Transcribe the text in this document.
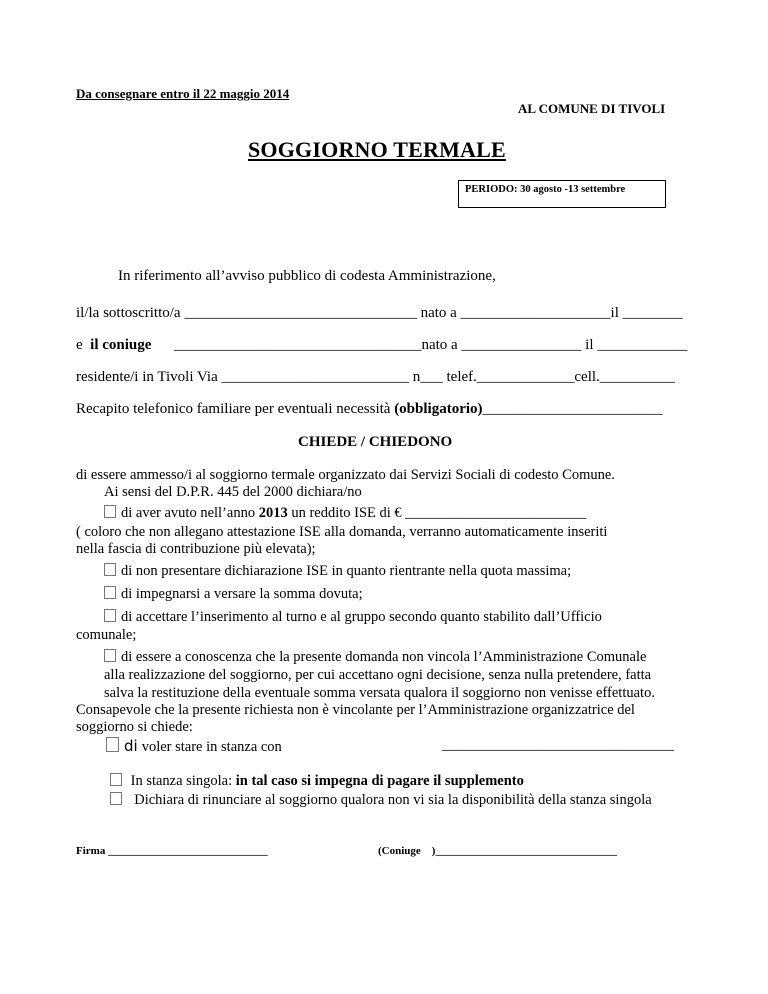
Da consegnare entro il 22 maggio 2014
AL COMUNE DI TIVOLI
SOGGIORNO TERMALE
PERIODO: 30 agosto -13 settembre
In riferimento all’avviso pubblico di codesta Amministrazione,
il/la sottoscritto/a _______________________________ nato a ____________________il ________
e il coniuge _________________________________nato a ________________ il ____________
residente/i in Tivoli Via _________________________ n___ telef._____________cell.__________
Recapito telefonico familiare per eventuali necessità (obbligatorio)________________________
CHIEDE / CHIEDONO
di essere ammesso/i al soggiorno termale organizzato dai Servizi Sociali di codesto Comune.
Ai sensi del D.P.R. 445 del 2000 dichiara/no
di aver avuto nell’anno 2013 un reddito ISE di € _________________________
( coloro che non allegano attestazione ISE alla domanda, verranno automaticamente inseriti
nella fascia di contribuzione più elevata);
di non presentare dichiarazione ISE in quanto rientrante nella quota massima;
di impegnarsi a versare la somma dovuta;
di accettare l’inserimento al turno e al gruppo secondo quanto stabilito dall’Ufficio
comunale;
di essere a conoscenza che la presente domanda non vincola l’Amministrazione Comunale
alla realizzazione del soggiorno, per cui accettano ogni decisione, senza nulla pretendere, fatta
salva la restituzione della eventuale somma versata qualora il soggiorno non venisse effettuato.
Consapevole che la presente richiesta non è vincolante per l’Amministrazione organizzatrice del
soggiorno si chiede:
di voler stare in stanza con	________________________________
In stanza singola: in tal caso si impegna di pagare il supplemento
Dichiara di rinunciare al soggiorno qualora non vi sia la disponibilità della stanza singola
Firma _____________________________	(Coniuge )_________________________________
